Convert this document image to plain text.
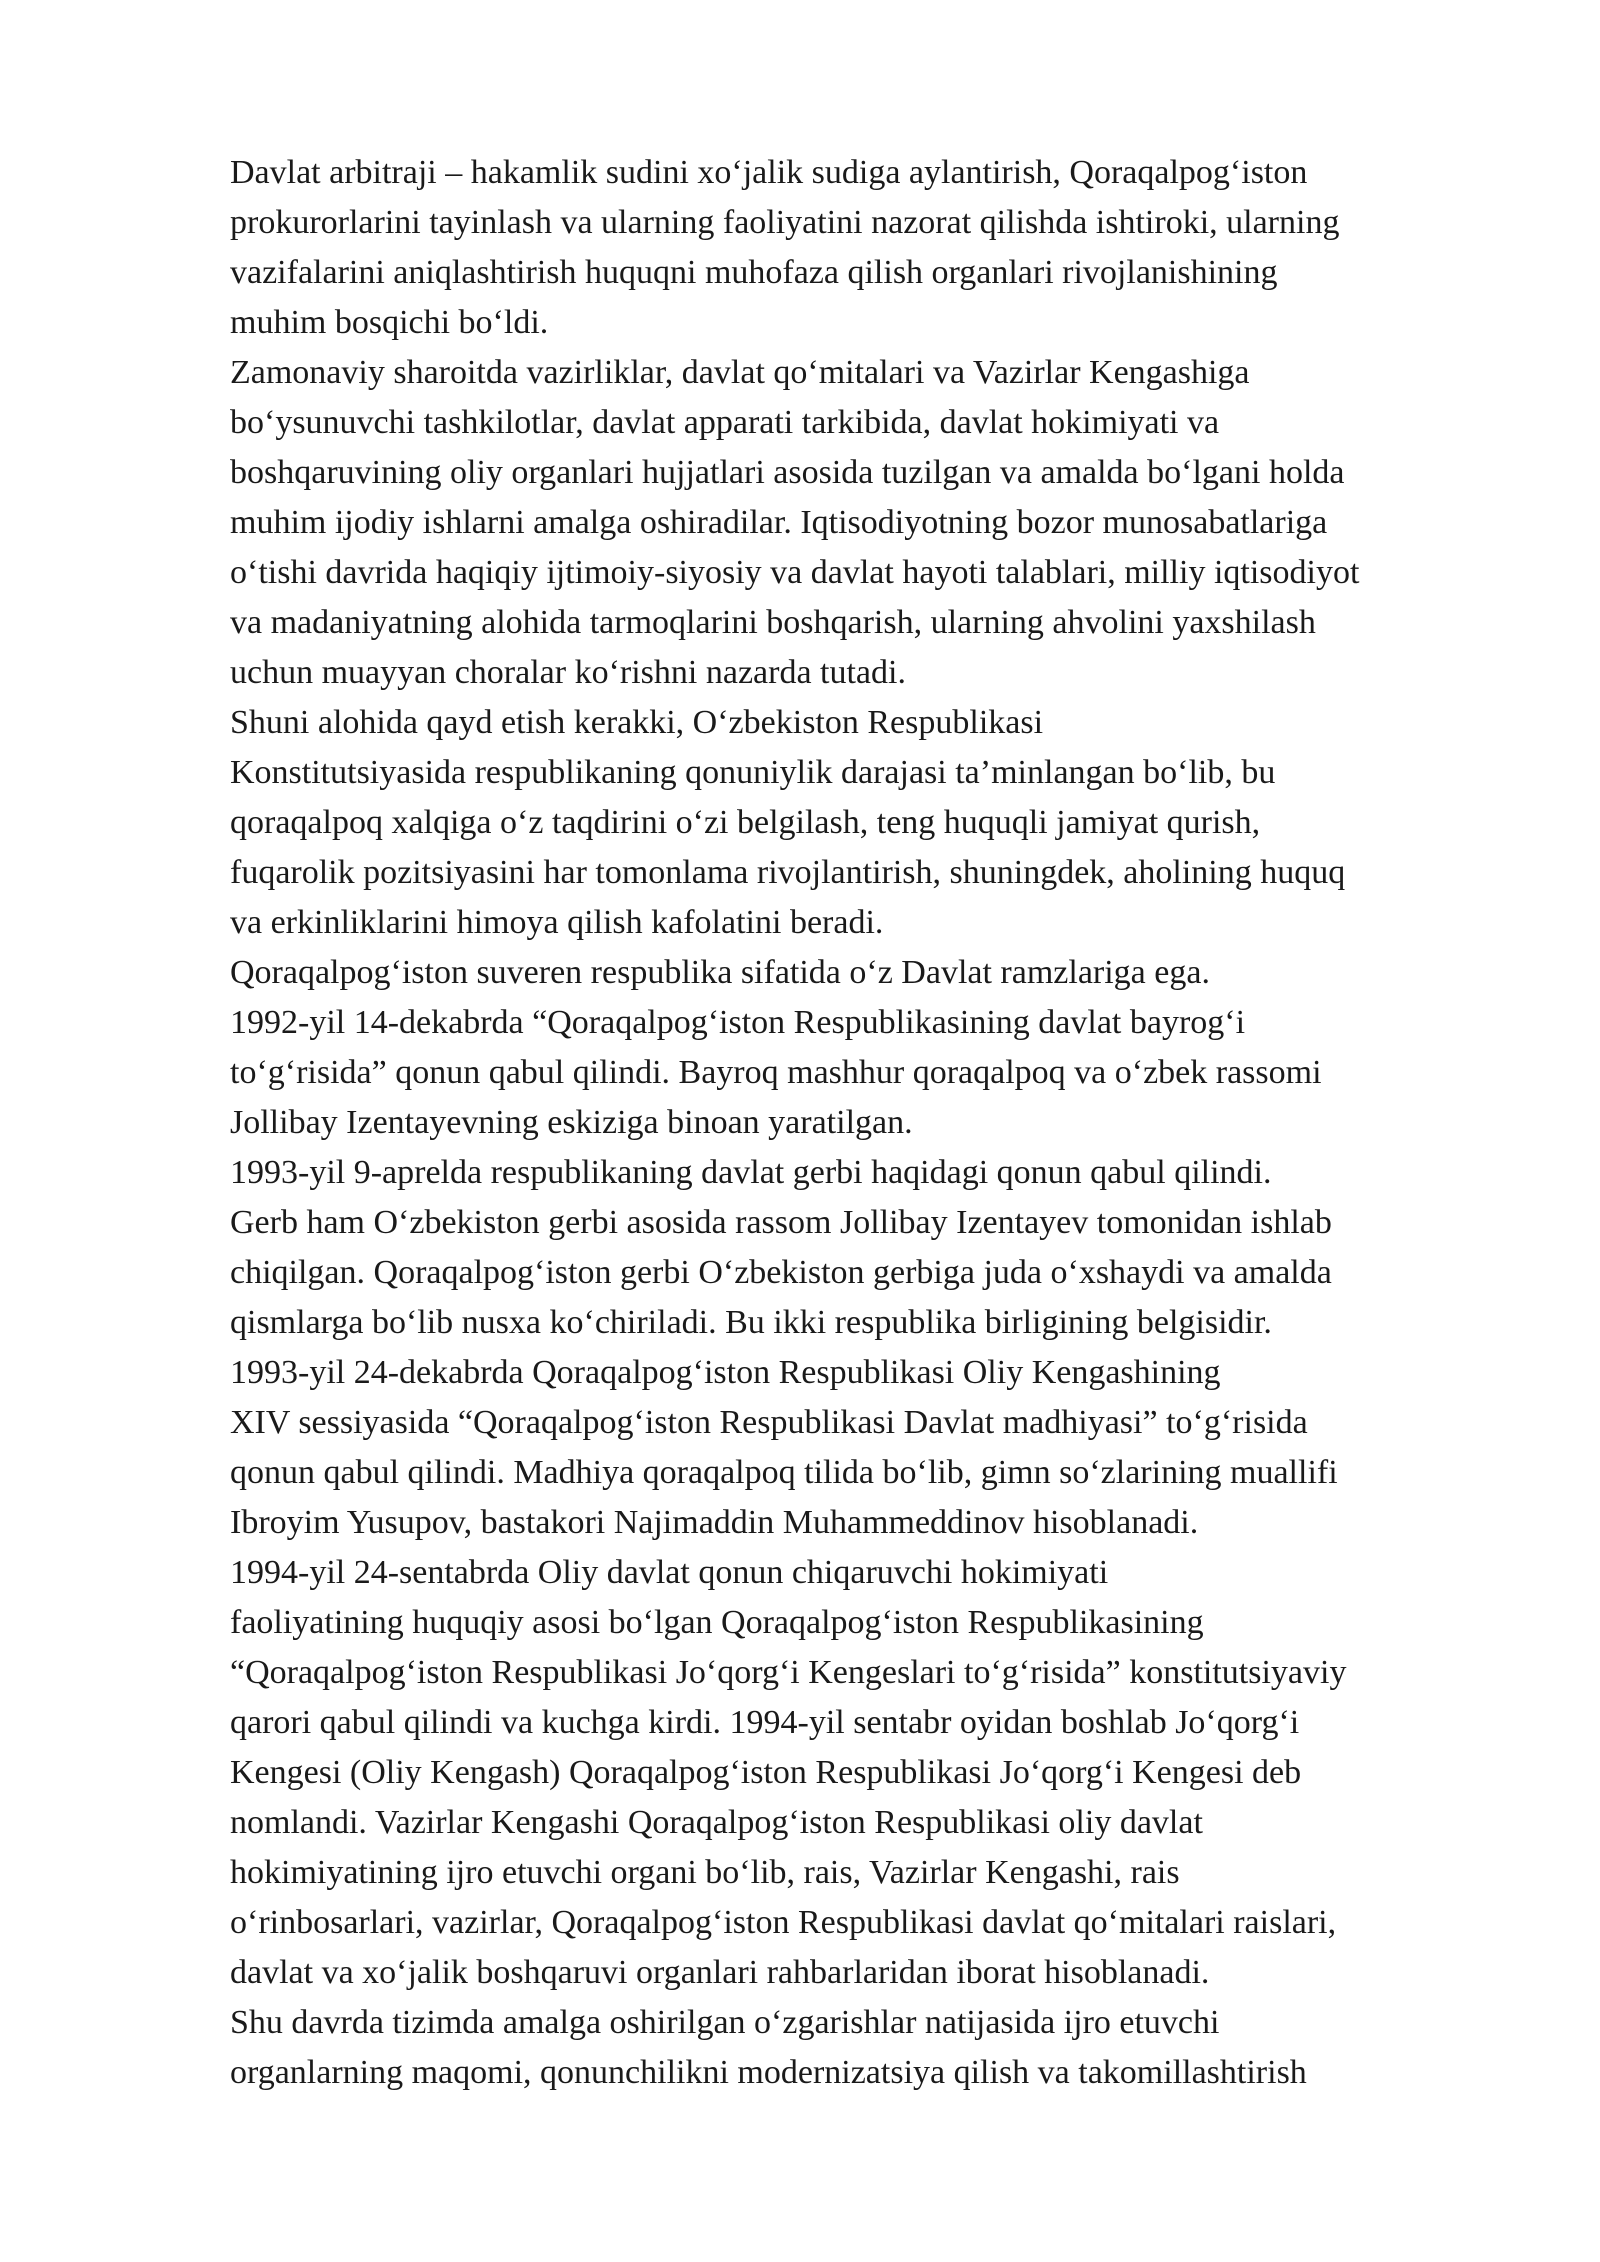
Davlat arbitraji – hakamlik sudini xo‘jalik sudiga aylantirish, Qoraqalpog‘iston
prokurorlarini tayinlash va ularning faoliyatini nazorat qilishda ishtiroki, ularning
vazifalarini aniqlashtirish huquqni muhofaza qilish organlari rivojlanishining
muhim bosqichi bo‘ldi.
Zamonaviy sharoitda vazirliklar, davlat qo‘mitalari va Vazirlar Kengashiga
bo‘ysunuvchi tashkilotlar, davlat apparati tarkibida, davlat hokimiyati va
boshqaruvining oliy organlari hujjatlari asosida tuzilgan va amalda bo‘lgani holda
muhim ijodiy ishlarni amalga oshiradilar. Iqtisodiyotning bozor munosabatlariga
o‘tishi davrida haqiqiy ijtimoiy-siyosiy va davlat hayoti talablari, milliy iqtisodiyot
va madaniyatning alohida tarmoqlarini boshqarish, ularning ahvolini yaxshilash
uchun muayyan choralar ko‘rishni nazarda tutadi.
Shuni alohida qayd etish kerakki, O‘zbekiston Respublikasi
Konstitutsiyasida respublikaning qonuniylik darajasi ta’minlangan bo‘lib, bu
qoraqalpoq xalqiga o‘z taqdirini o‘zi belgilash, teng huquqli jamiyat qurish,
fuqarolik pozitsiyasini har tomonlama rivojlantirish, shuningdek, aholining huquq
va erkinliklarini himoya qilish kafolatini beradi.
Qoraqalpog‘iston suveren respublika sifatida o‘z Davlat ramzlariga ega.
1992-yil 14-dekabrda “Qoraqalpog‘iston Respublikasining davlat bayrog‘i
to‘g‘risida” qonun qabul qilindi. Bayroq mashhur qoraqalpoq va o‘zbek rassomi
Jollibay Izentayevning eskiziga binoan yaratilgan.
1993-yil 9-aprelda respublikaning davlat gerbi haqidagi qonun qabul qilindi.
Gerb ham O‘zbekiston gerbi asosida rassom Jollibay Izentayev tomonidan ishlab
chiqilgan. Qoraqalpog‘iston gerbi O‘zbekiston gerbiga juda o‘xshaydi va amalda
qismlarga bo‘lib nusxa ko‘chiriladi. Bu ikki respublika birligining belgisidir.
1993-yil 24-dekabrda Qoraqalpog‘iston Respublikasi Oliy Kengashining
XIV sessiyasida “Qoraqalpog‘iston Respublikasi Davlat madhiyasi” to‘g‘risida
qonun qabul qilindi. Madhiya qoraqalpoq tilida bo‘lib, gimn so‘zlarining muallifi
Ibroyim Yusupov, bastakori Najimaddin Muhammeddinov hisoblanadi.
1994-yil 24-sentabrda Oliy davlat qonun chiqaruvchi hokimiyati
faoliyatining huquqiy asosi bo‘lgan Qoraqalpog‘iston Respublikasining
“Qoraqalpog‘iston Respublikasi Jo‘qorg‘i Kengeslari to‘g‘risida” konstitutsiyaviy
qarori qabul qilindi va kuchga kirdi. 1994-yil sentabr oyidan boshlab Jo‘qorg‘i
Kengesi (Oliy Kengash) Qoraqalpog‘iston Respublikasi Jo‘qorg‘i Kengesi deb
nomlandi. Vazirlar Kengashi Qoraqalpog‘iston Respublikasi oliy davlat
hokimiyatining ijro etuvchi organi bo‘lib, rais, Vazirlar Kengashi, rais
o‘rinbosarlari, vazirlar, Qoraqalpog‘iston Respublikasi davlat qo‘mitalari raislari,
davlat va xo‘jalik boshqaruvi organlari rahbarlaridan iborat hisoblanadi.
Shu davrda tizimda amalga oshirilgan o‘zgarishlar natijasida ijro etuvchi
organlarning maqomi, qonunchilikni modernizatsiya qilish va takomillashtirish
